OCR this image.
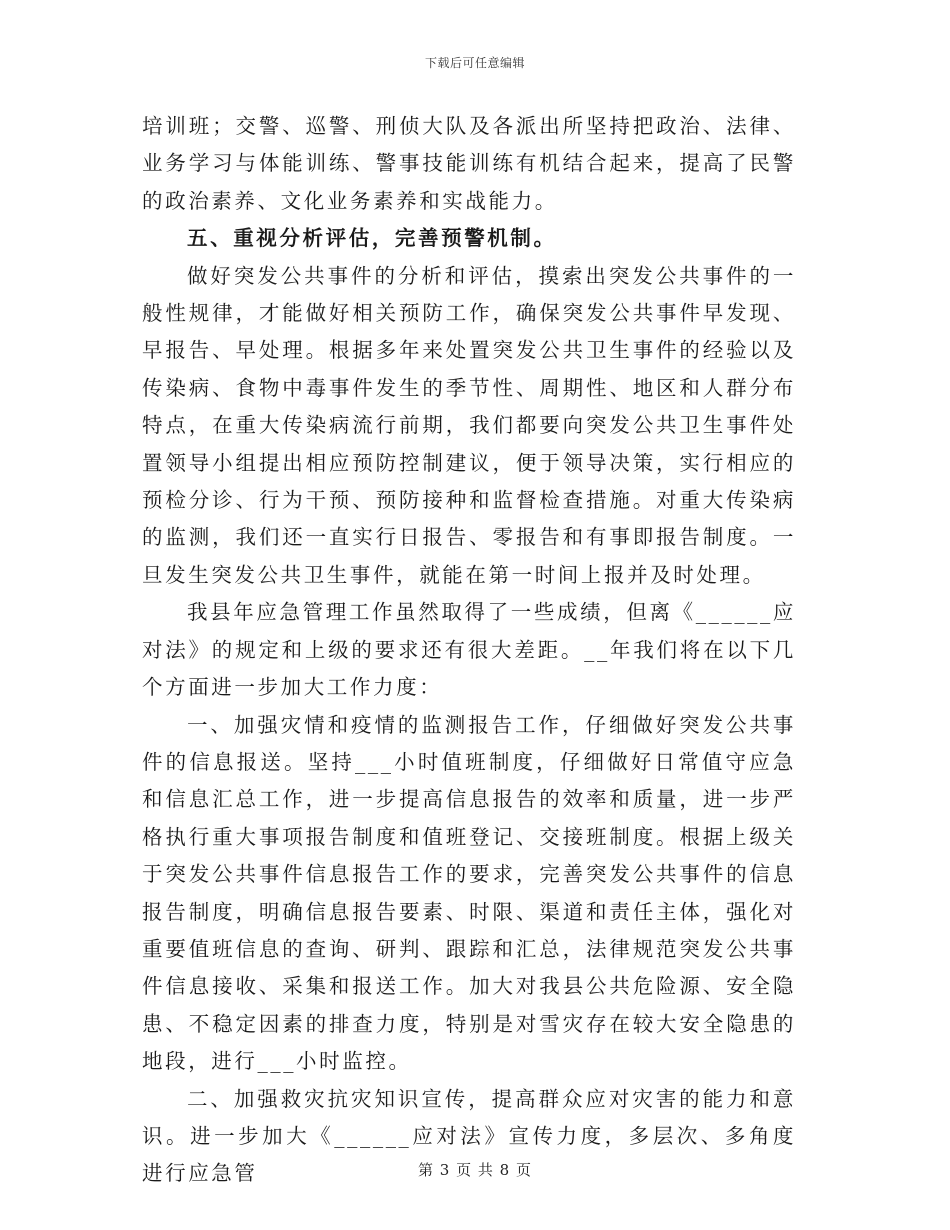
下载后可任意编辑

培训班；交警、巡警、刑侦大队及各派出所坚持把政治、法律、业务学习与体能训练、警事技能训练有机结合起来，提高了民警的政治素养、文化业务素养和实战能力。

五、重视分析评估，完善预警机制。

做好突发公共事件的分析和评估，摸索出突发公共事件的一般性规律，才能做好相关预防工作，确保突发公共事件早发现、早报告、早处理。根据多年来处置突发公共卫生事件的经验以及传染病、食物中毒事件发生的季节性、周期性、地区和人群分布特点，在重大传染病流行前期，我们都要向突发公共卫生事件处置领导小组提出相应预防控制建议，便于领导决策，实行相应的预检分诊、行为干预、预防接种和监督检查措施。对重大传染病的监测，我们还一直实行日报告、零报告和有事即报告制度。一旦发生突发公共卫生事件，就能在第一时间上报并及时处理。

我县年应急管理工作虽然取得了一些成绩，但离《______应对法》的规定和上级的要求还有很大差距。__年我们将在以下几个方面进一步加大工作力度：

一、加强灾情和疫情的监测报告工作，仔细做好突发公共事件的信息报送。坚持___小时值班制度，仔细做好日常值守应急和信息汇总工作，进一步提高信息报告的效率和质量，进一步严格执行重大事项报告制度和值班登记、交接班制度。根据上级关于突发公共事件信息报告工作的要求，完善突发公共事件的信息报告制度，明确信息报告要素、时限、渠道和责任主体，强化对重要值班信息的查询、研判、跟踪和汇总，法律规范突发公共事件信息接收、采集和报送工作。加大对我县公共危险源、安全隐患、不稳定因素的排查力度，特别是对雪灾存在较大安全隐患的地段，进行___小时监控。

二、加强救灾抗灾知识宣传，提高群众应对灾害的能力和意识。进一步加大《______应对法》宣传力度，多层次、多角度进行应急管	第 3 页 共 8 页
